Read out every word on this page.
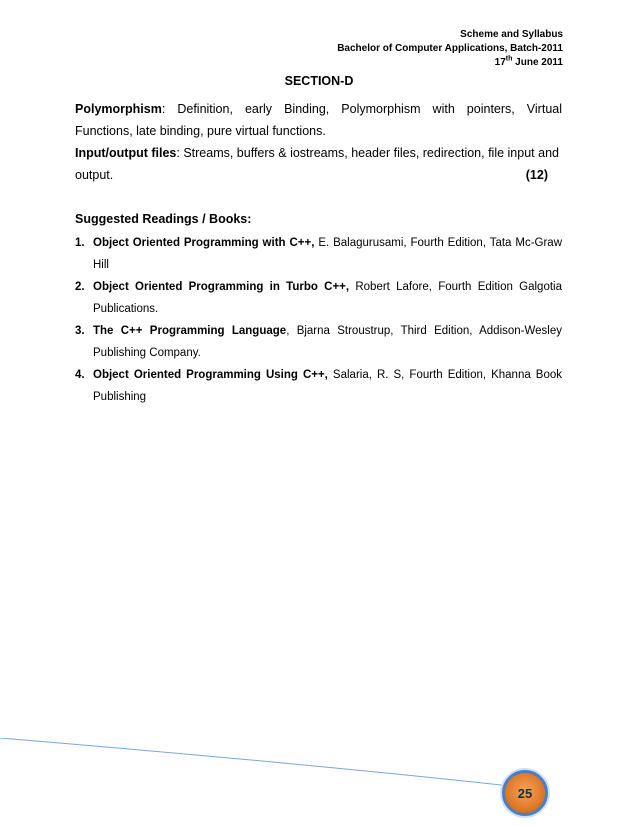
Scheme and Syllabus
Bachelor of Computer Applications, Batch-2011
17th June 2011
SECTION-D

Polymorphism: Definition, early Binding, Polymorphism with pointers, Virtual Functions, late binding, pure virtual functions.

Input/output files: Streams, buffers & iostreams, header files, redirection, file input and

output.	(12)

Suggested Readings / Books:

1. Object Oriented Programming with C++, E. Balagurusami, Fourth Edition, Tata Mc-Graw Hill
2. Object Oriented Programming in Turbo C++, Robert Lafore, Fourth Edition Galgotia Publications.
3. The C++ Programming Language, Bjarna Stroustrup, Third Edition, Addison-Wesley Publishing Company.
4. Object Oriented Programming Using C++, Salaria, R. S, Fourth Edition, Khanna Book Publishing
25
